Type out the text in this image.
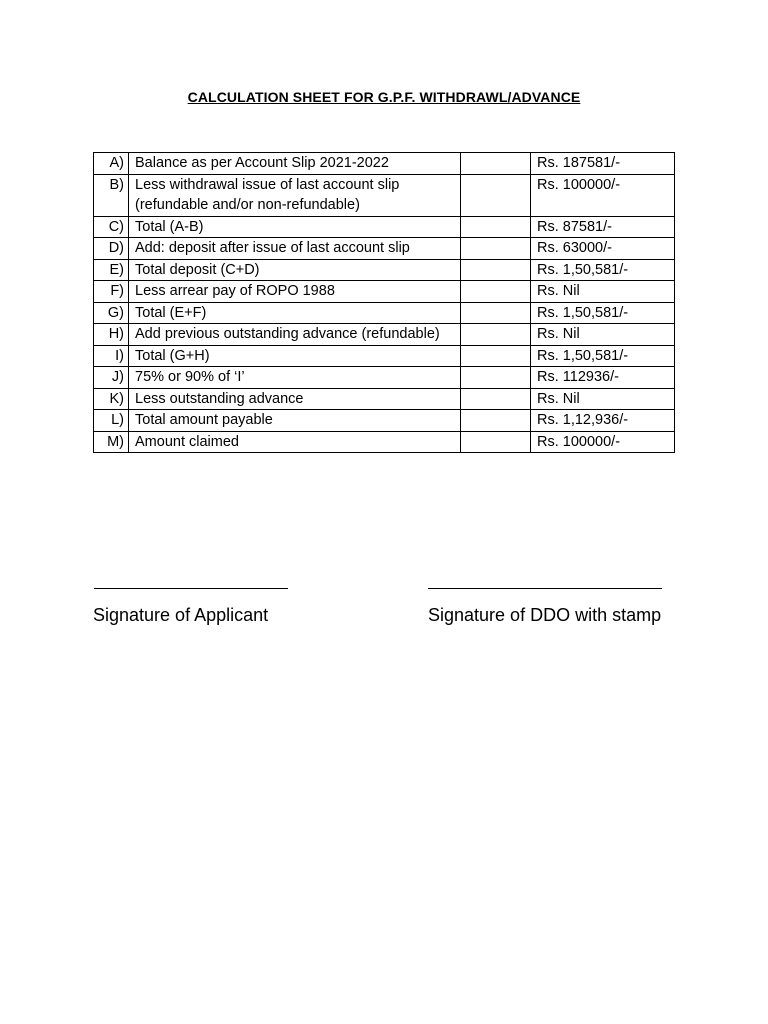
CALCULATION SHEET FOR G.P.F. WITHDRAWL/ADVANCE
A)	Balance as per Account Slip 2021-2022		Rs. 187581/-
B)	Less withdrawal issue of last account slip (refundable and/or non-refundable)		Rs. 100000/-
C)	Total (A-B)		Rs. 87581/-
D)	Add: deposit after issue of last account slip		Rs. 63000/-
E)	Total deposit (C+D)		Rs. 1,50,581/-
F)	Less arrear pay of ROPO 1988		Rs. Nil
G)	Total (E+F)		Rs. 1,50,581/-
H)	Add previous outstanding advance (refundable)		Rs. Nil
I)	Total (G+H)		Rs. 1,50,581/-
J)	75% or 90% of ‘I’		Rs. 112936/-
K)	Less outstanding advance		Rs. Nil
L)	Total amount payable		Rs. 1,12,936/-
M)	Amount claimed		Rs. 100000/-
Signature of Applicant	Signature of DDO with stamp
